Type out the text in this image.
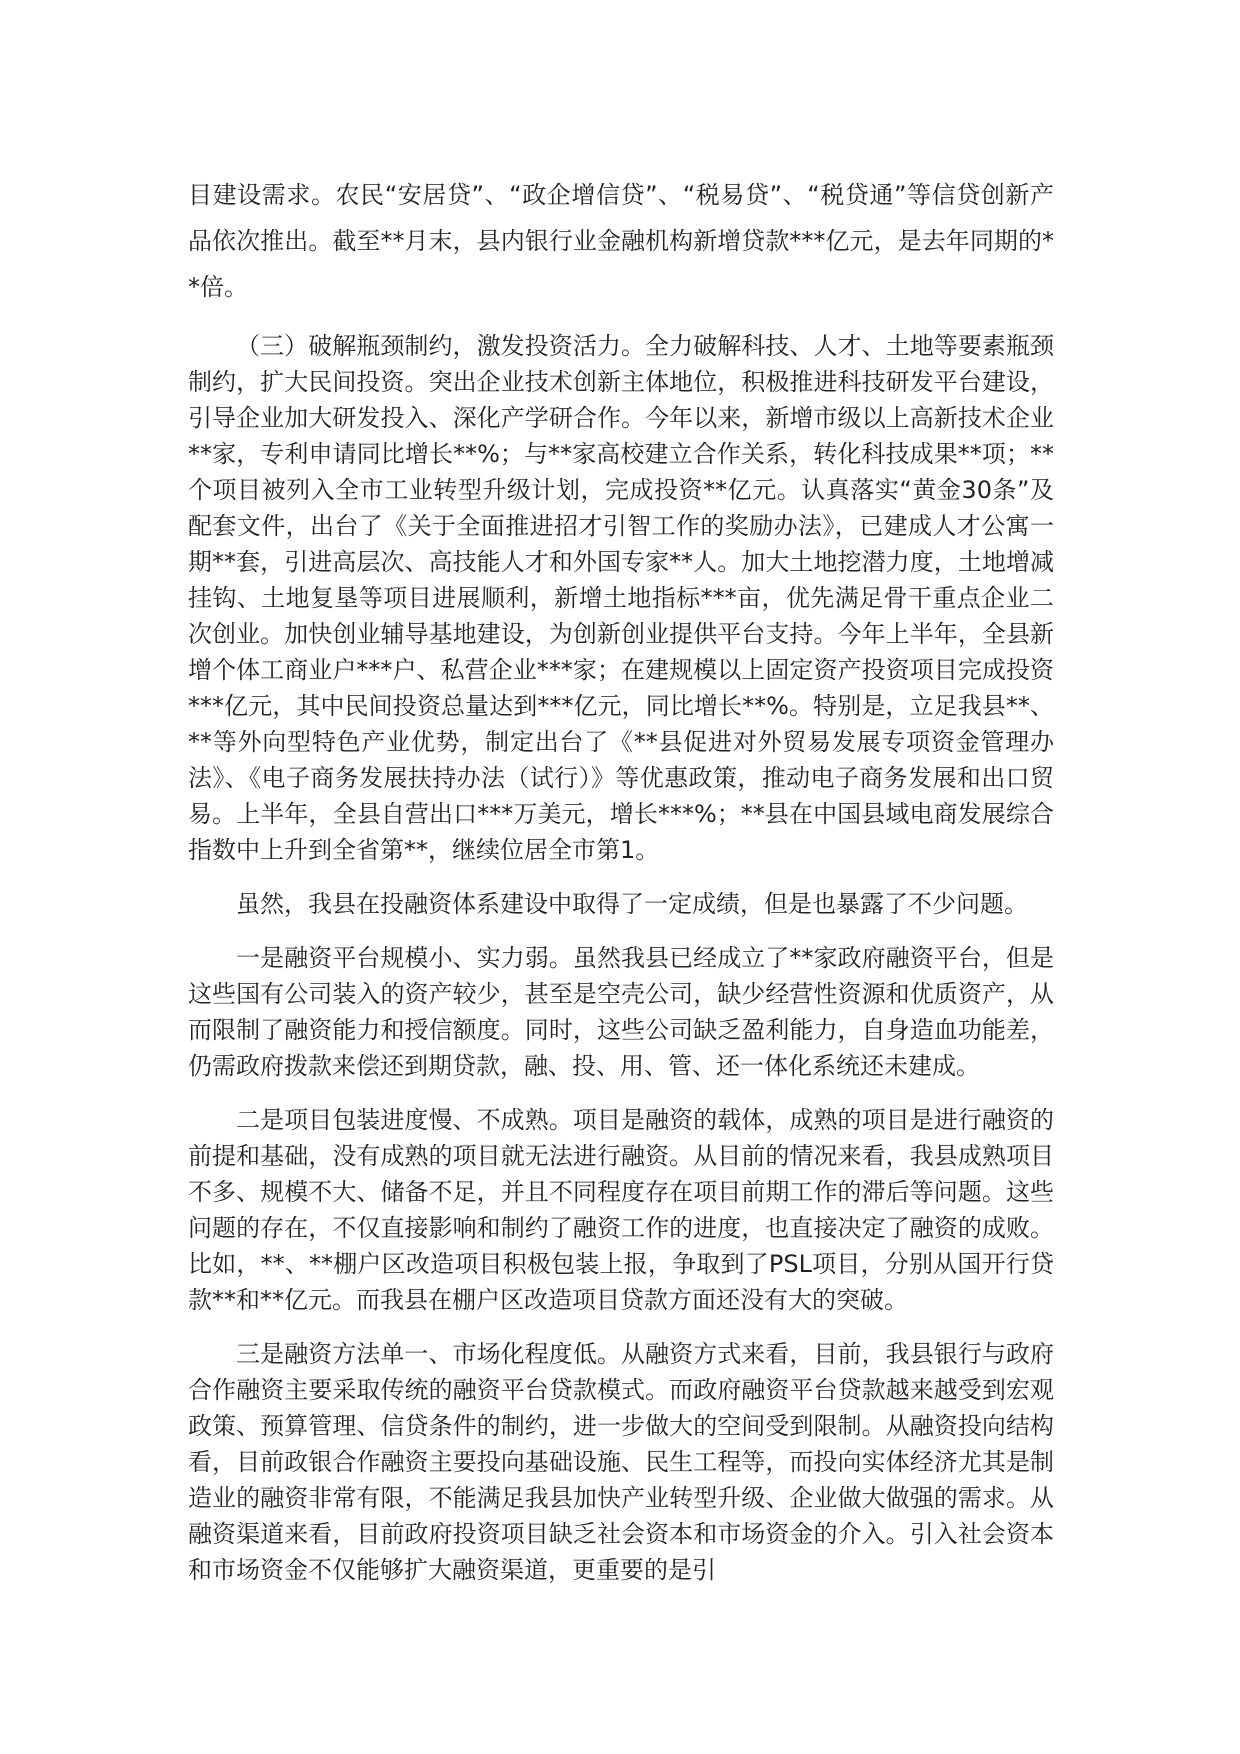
目建设需求。农民“安居贷”、“政企增信贷”、“税易贷”、“税贷通”等信贷创新产品依次推出。截至**月末，县内银行业金融机构新增贷款***亿元，是去年同期的**倍。

（三）破解瓶颈制约，激发投资活力。全力破解科技、人才、土地等要素瓶颈制约，扩大民间投资。突出企业技术创新主体地位，积极推进科技研发平台建设，引导企业加大研发投入、深化产学研合作。今年以来，新增市级以上高新技术企业**家，专利申请同比增长**%；与**家高校建立合作关系，转化科技成果**项；**个项目被列入全市工业转型升级计划，完成投资**亿元。认真落实“黄金30条”及配套文件，出台了《关于全面推进招才引智工作的奖励办法》，已建成人才公寓一期**套，引进高层次、高技能人才和外国专家**人。加大土地挖潜力度，土地增减挂钩、土地复垦等项目进展顺利，新增土地指标***亩，优先满足骨干重点企业二次创业。加快创业辅导基地建设，为创新创业提供平台支持。今年上半年，全县新增个体工商业户***户、私营企业***家；在建规模以上固定资产投资项目完成投资***亿元，其中民间投资总量达到***亿元，同比增长**%。特别是，立足我县**、**等外向型特色产业优势，制定出台了《**县促进对外贸易发展专项资金管理办法》、《电子商务发展扶持办法（试行）》等优惠政策，推动电子商务发展和出口贸易。上半年，全县自营出口***万美元，增长***%；**县在中国县域电商发展综合指数中上升到全省第**，继续位居全市第1。

虽然，我县在投融资体系建设中取得了一定成绩，但是也暴露了不少问题。

一是融资平台规模小、实力弱。虽然我县已经成立了**家政府融资平台，但是这些国有公司装入的资产较少，甚至是空壳公司，缺少经营性资源和优质资产，从而限制了融资能力和授信额度。同时，这些公司缺乏盈利能力，自身造血功能差，仍需政府拨款来偿还到期贷款，融、投、用、管、还一体化系统还未建成。

二是项目包装进度慢、不成熟。项目是融资的载体，成熟的项目是进行融资的前提和基础，没有成熟的项目就无法进行融资。从目前的情况来看，我县成熟项目不多、规模不大、储备不足，并且不同程度存在项目前期工作的滞后等问题。这些问题的存在，不仅直接影响和制约了融资工作的进度，也直接决定了融资的成败。比如，**、**棚户区改造项目积极包装上报，争取到了PSL项目，分别从国开行贷款**和**亿元。而我县在棚户区改造项目贷款方面还没有大的突破。

三是融资方法单一、市场化程度低。从融资方式来看，目前，我县银行与政府合作融资主要采取传统的融资平台贷款模式。而政府融资平台贷款越来越受到宏观政策、预算管理、信贷条件的制约，进一步做大的空间受到限制。从融资投向结构看，目前政银合作融资主要投向基础设施、民生工程等，而投向实体经济尤其是制造业的融资非常有限，不能满足我县加快产业转型升级、企业做大做强的需求。从融资渠道来看，目前政府投资项目缺乏社会资本和市场资金的介入。引入社会资本和市场资金不仅能够扩大融资渠道，更重要的是引
